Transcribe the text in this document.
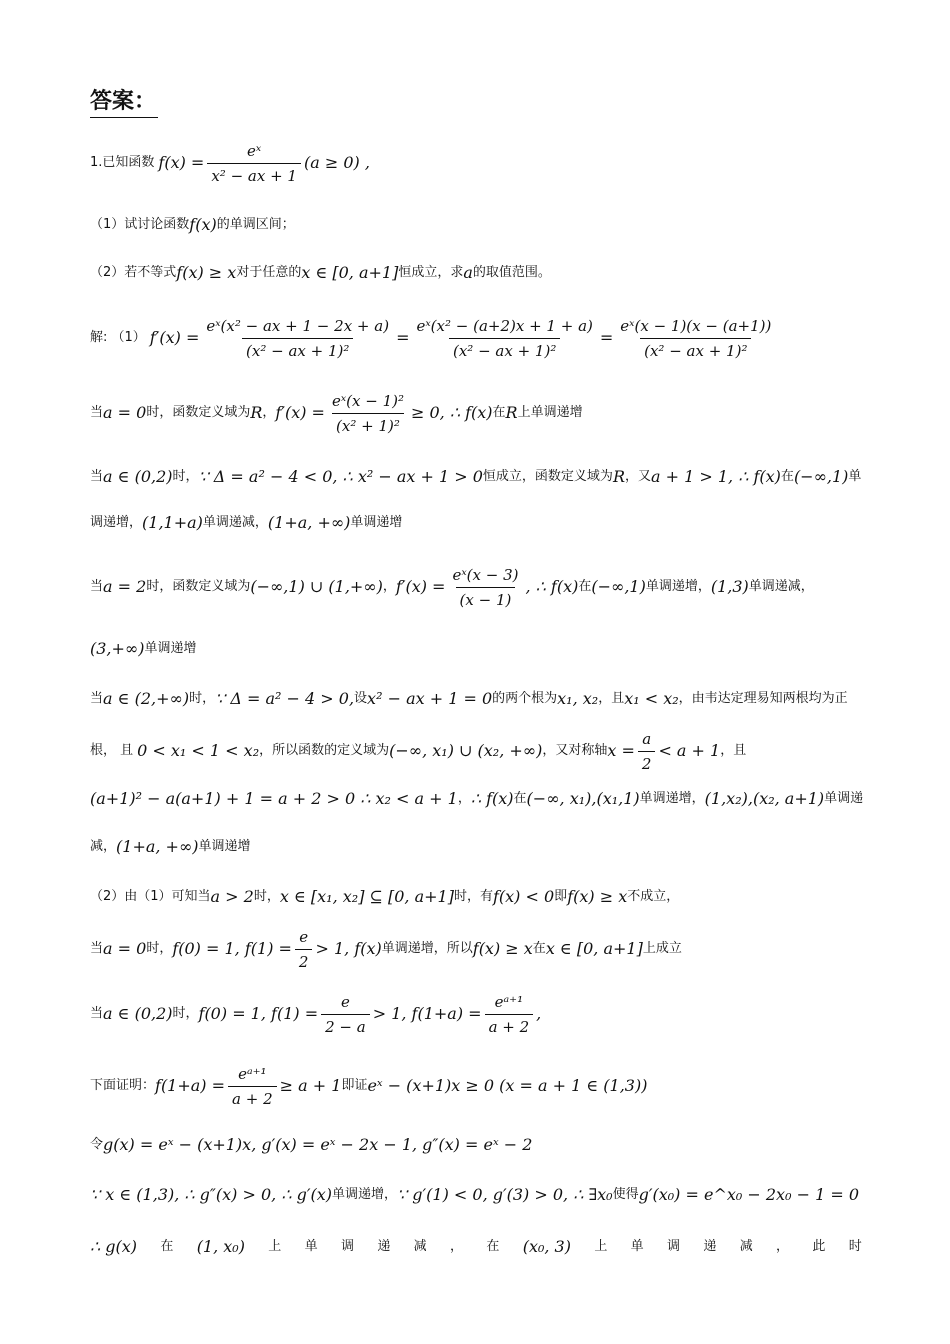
答案：
1.已知函数 $f(x) = \frac{\text{eˣ}}{\text{x² − ax + 1}} (a \ge 0)$ ,
（1）试讨论函数 f(x) 的单调区间；
（2）若不等式 f(x) ≥ x 对于任意的 x ∈ [0, a+1] 恒成立，求 a 的取值范围。
解: （1） $f'(x) = \frac{\text{eˣ(x² − ax + 1 − 2x + a)}}{\text{(x² − ax + 1)²}} = \frac{\text{eˣ(x² − (a+2)x + 1 + a)}}{\text{(x² − ax + 1)²}} = \frac{\text{eˣ(x − 1)(x − (a+1))}}{\text{(x² − ax + 1)²}}$
当 a = 0 时，函数定义域为 R ， $f'(x) = \frac{\text{eˣ(x − 1)²}}{\text{(x² + 1)²}} \ge 0$, ∴ f(x) 在 R 上单调递增
当 a ∈ (0,2) 时， ∵ Δ = a² − 4 < 0, ∴ x² − ax + 1 > 0 恒成立，函数定义域为 R ，又 a + 1 > 1, ∴ f(x) 在 (−∞,1) 单
调递增， (1,1+a) 单调递减， (1+a, +∞) 单调递增
当 a = 2 时，函数定义域为 (−∞,1) ∪ (1,+∞) ， $f'(x) = \frac{\text{eˣ(x − 3)}}{(x - 1)}$ , ∴ f(x) 在 (−∞,1) 单调递增， (1,3) 单调递减，
(3,+∞) 单调递增
当 a ∈ (2,+∞) 时， ∵ Δ = a² − 4 > 0, 设 x² − ax + 1 = 0 的两个根为 x₁, x₂ ，且 x₁ < x₂ ，由韦达定理易知两根均为正
根， 且 0 < x₁ < 1 < x₂ ，所以函数的定义域为 (−∞, x₁) ∪ (x₂, +∞) ，又对称轴 $x = \frac{a}{2} < a + 1$ ，且
(a+1)² − a(a+1) + 1 = a + 2 > 0 ∴ x₂ < a + 1 ， ∴ f(x) 在 (−∞, x₁),(x₁,1) 单调递增， (1,x₂),(x₂, a+1) 单调递
减， (1+a, +∞) 单调递增
（2）由（1）可知当 a > 2 时， x ∈ [x₁, x₂] ⊆ [0, a+1] 时，有 f(x) < 0 即 f(x) ≥ x 不成立，
当 a = 0 时， f(0) = 1, $f(1) = \frac{e}{2} > 1$, f(x) 单调递增，所以 f(x) ≥ x 在 x ∈ [0, a+1] 上成立
当 a ∈ (0,2) 时， f(0) = 1, $f(1) = \frac{e}{2 - a} > 1$, $f(1+a) = \frac{\text{eᵃ⁺¹}}{a + 2}$ ,
下面证明： $f(1+a) = \frac{\text{eᵃ⁺¹}}{a + 2} \ge a + 1$ 即证 eˣ − (x+1)x ≥ 0 (x = a + 1 ∈ (1,3))
令 g(x) = eˣ − (x+1)x, g′(x) = eˣ − 2x − 1, g″(x) = eˣ − 2
∵ x ∈ (1,3), ∴ g″(x) > 0, ∴ g′(x) 单调递增， ∵ g′(1) < 0, g′(3) > 0, ∴ ∃x₀ 使得 g′(x₀) = e^x₀ − 2x₀ − 1 = 0
∴ g(x) 在 (1, x₀) 上 单 调 递 减 ， 在 (x₀, 3) 上 单 调 递 减 ， 此 时
